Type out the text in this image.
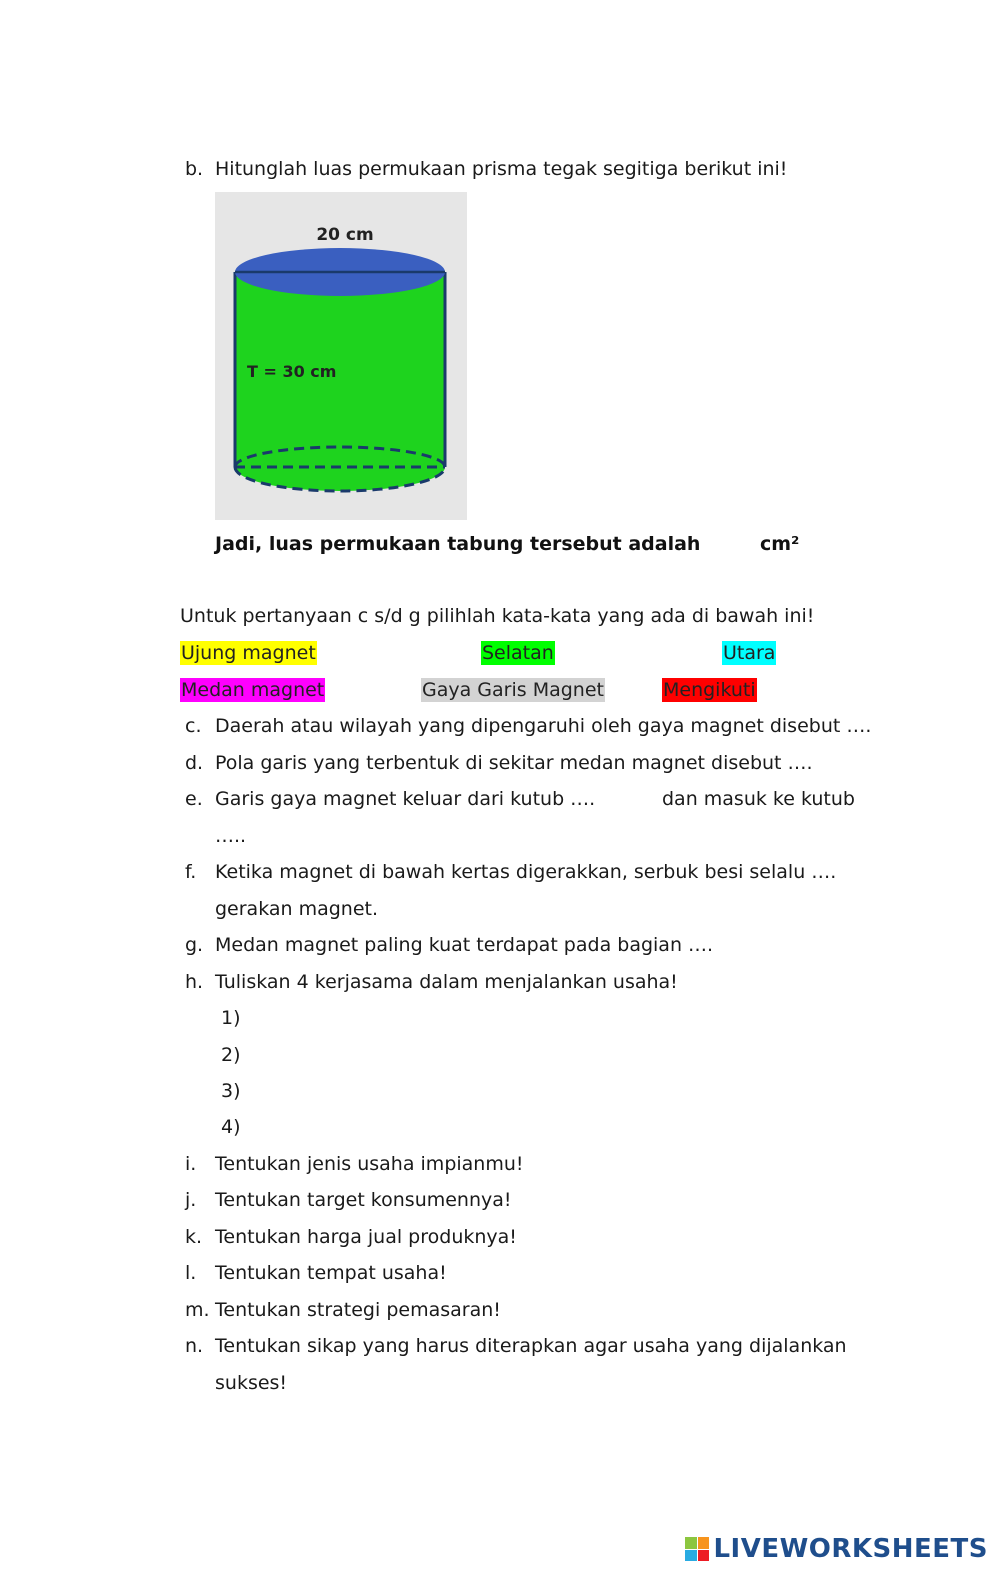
b. Hitunglah luas permukaan prisma tegak segitiga berikut ini!
20 cm
T = 30 cm
Jadi, luas permukaan tabung tersebut adalah	cm²
Untuk pertanyaan c s/d g pilihlah kata-kata yang ada di bawah ini!
Ujung magnet	Selatan	Utara
Medan magnet	Gaya Garis Magnet	Mengikuti
c. Daerah atau wilayah yang dipengaruhi oleh gaya magnet disebut ….
d. Pola garis yang terbentuk di sekitar medan magnet disebut ….
e. Garis gaya magnet keluar dari kutub ….	dan masuk ke kutub
…..
f. Ketika magnet di bawah kertas digerakkan, serbuk besi selalu ….
gerakan magnet.
g. Medan magnet paling kuat terdapat pada bagian ….
h. Tuliskan 4 kerjasama dalam menjalankan usaha!
1)
2)
3)
4)
i. Tentukan jenis usaha impianmu!
j. Tentukan target konsumennya!
k. Tentukan harga jual produknya!
l. Tentukan tempat usaha!
m. Tentukan strategi pemasaran!
n. Tentukan sikap yang harus diterapkan agar usaha yang dijalankan
sukses!
LIVEWORKSHEETS
